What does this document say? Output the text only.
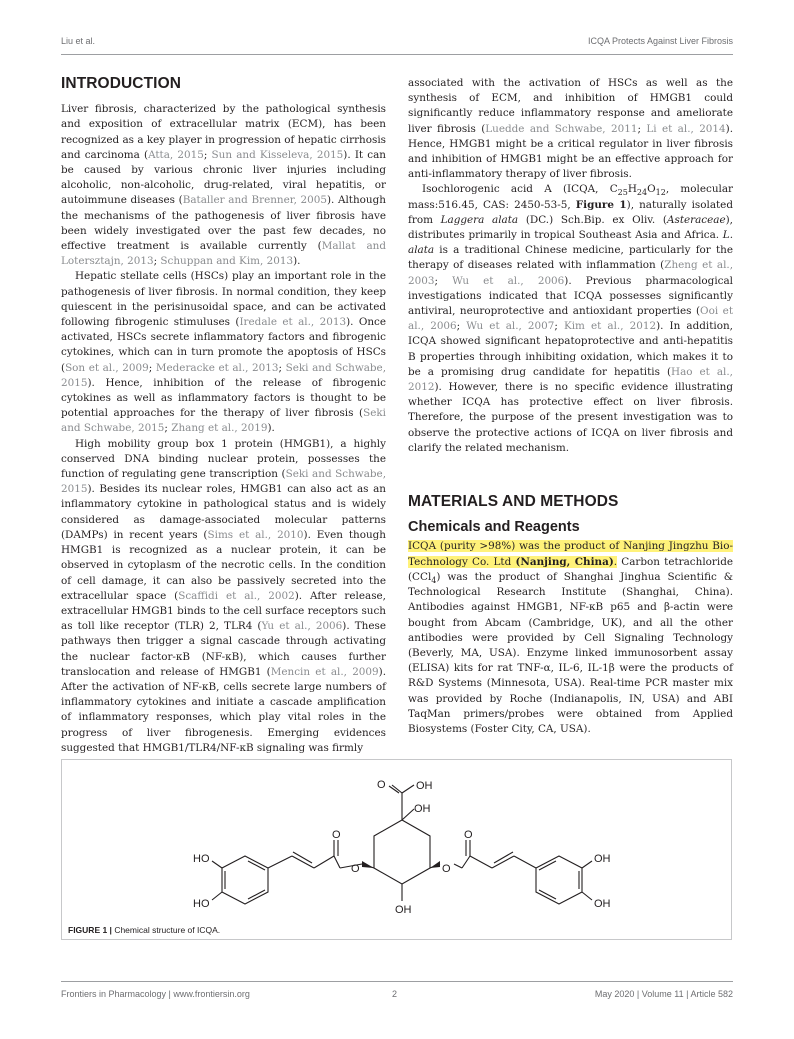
Liu et al.	ICQA Protects Against Liver Fibrosis
INTRODUCTION

Liver fibrosis, characterized by the pathological synthesis and exposition of extracellular matrix (ECM), has been recognized as a key player in progression of hepatic cirrhosis and carcinoma (Atta, 2015; Sun and Kisseleva, 2015). It can be caused by various chronic liver injuries including alcoholic, non-alcoholic, drug-related, viral hepatitis, or autoimmune diseases (Bataller and Brenner, 2005). Although the mechanisms of the pathogenesis of liver fibrosis have been widely investigated over the past few decades, no effective treatment is available currently (Mallat and Lotersztajn, 2013; Schuppan and Kim, 2013).

Hepatic stellate cells (HSCs) play an important role in the pathogenesis of liver fibrosis. In normal condition, they keep quiescent in the perisinusoidal space, and can be activated following fibrogenic stimuluses (Iredale et al., 2013). Once activated, HSCs secrete inflammatory factors and fibrogenic cytokines, which can in turn promote the apoptosis of HSCs (Son et al., 2009; Mederacke et al., 2013; Seki and Schwabe, 2015). Hence, inhibition of the release of fibrogenic cytokines as well as inflammatory factors is thought to be potential approaches for the therapy of liver fibrosis (Seki and Schwabe, 2015; Zhang et al., 2019).

High mobility group box 1 protein (HMGB1), a highly conserved DNA binding nuclear protein, possesses the function of regulating gene transcription (Seki and Schwabe, 2015). Besides its nuclear roles, HMGB1 can also act as an inflammatory cytokine in pathological status and is widely considered as damage-associated molecular patterns (DAMPs) in recent years (Sims et al., 2010). Even though HMGB1 is recognized as a nuclear protein, it can be observed in cytoplasm of the necrotic cells. In the condition of cell damage, it can also be passively secreted into the extracellular space (Scaffidi et al., 2002). After release, extracellular HMGB1 binds to the cell surface receptors such as toll like receptor (TLR) 2, TLR4 (Yu et al., 2006). These pathways then trigger a signal cascade through activating the nuclear factor-κB (NF-κB), which causes further translocation and release of HMGB1 (Mencin et al., 2009). After the activation of NF-κB, cells secrete large numbers of inflammatory cytokines and initiate a cascade amplification of inflammatory responses, which play vital roles in the progress of liver fibrogenesis. Emerging evidences suggested that HMGB1/TLR4/NF-κB signaling was firmly

associated with the activation of HSCs as well as the synthesis of ECM, and inhibition of HMGB1 could significantly reduce inflammatory response and ameliorate liver fibrosis (Luedde and Schwabe, 2011; Li et al., 2014). Hence, HMGB1 might be a critical regulator in liver fibrosis and inhibition of HMGB1 might be an effective approach for anti-inflammatory therapy of liver fibrosis.

Isochlorogenic acid A (ICQA, $C_{25}H_{24}O_{12}$, molecular mass:516.45, CAS: 2450-53-5, Figure 1), naturally isolated from Laggera alata (DC.) Sch.Bip. ex Oliv. (Asteraceae), distributes primarily in tropical Southeast Asia and Africa. L. alata is a traditional Chinese medicine, particularly for the therapy of diseases related with inflammation (Zheng et al., 2003; Wu et al., 2006). Previous pharmacological investigations indicated that ICQA possesses significantly antiviral, neuroprotective and antioxidant properties (Ooi et al., 2006; Wu et al., 2007; Kim et al., 2012). In addition, ICQA showed significant hepatoprotective and anti-hepatitis B properties through inhibiting oxidation, which makes it to be a promising drug candidate for hepatitis (Hao et al., 2012). However, there is no specific evidence illustrating whether ICQA has protective effect on liver fibrosis. Therefore, the purpose of the present investigation was to observe the protective actions of ICQA on liver fibrosis and clarify the related mechanism.

MATERIALS AND METHODS
Chemicals and Reagents

ICQA (purity >98%) was the product of Nanjing Jingzhu Bio-Technology Co. Ltd (Nanjing, China). Carbon tetrachloride (CCl$_4$) was the product of Shanghai Jinghua Scientific & Technological Research Institute (Shanghai, China). Antibodies against HMGB1, NF-κB p65 and β-actin were bought from Abcam (Cambridge, UK), and all the other antibodies were provided by Cell Signaling Technology (Beverly, MA, USA). Enzyme linked immunosorbent assay (ELISA) kits for rat TNF-α, IL-6, IL-1β were the products of R&D Systems (Minnesota, USA). Real-time PCR master mix was provided by Roche (Indianapolis, IN, USA) and ABI TaqMan primers/probes were obtained from Applied Biosystems (Foster City, CA, USA).

OH
OH
O
O	O
O	O
OH
HO
HO
OH
OH
FIGURE 1 | Chemical structure of ICQA.
Frontiers in Pharmacology | www.frontiersin.org	2	May 2020 | Volume 11 | Article 582
